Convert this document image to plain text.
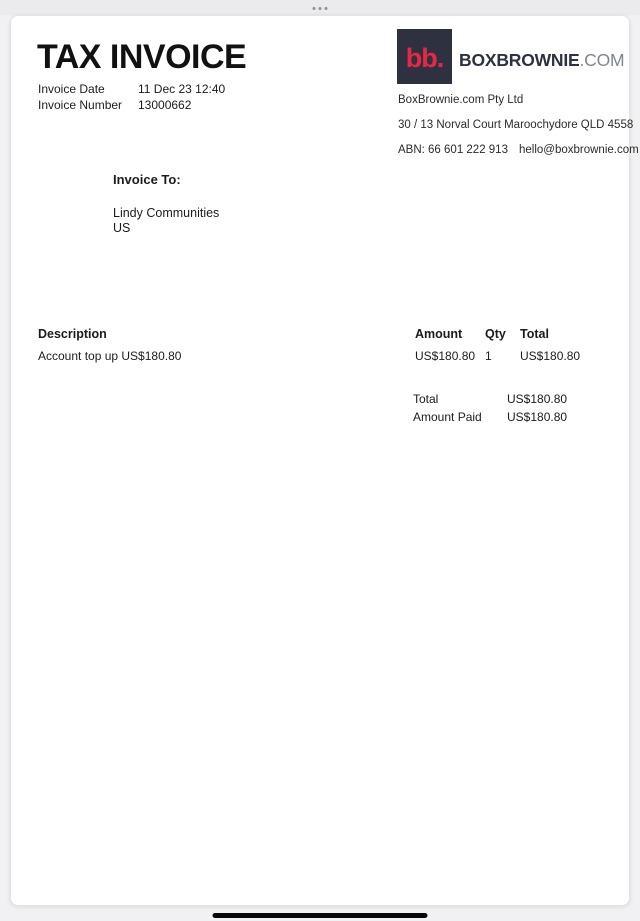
TAX INVOICE
Invoice Date	11 Dec 23 12:40
Invoice Number 13000662
bb. BOXBROWNIE.COM
BoxBrownie.com Pty Ltd
30 / 13 Norval Court Maroochydore QLD 4558
ABN: 66 601 222 913 hello@boxbrownie.com
Invoice To:
Lindy Communities
US
Description	Amount Qty Total
Account top up US$180.80	US$180.80 1 US$180.80
Total	US$180.80
Amount Paid US$180.80
